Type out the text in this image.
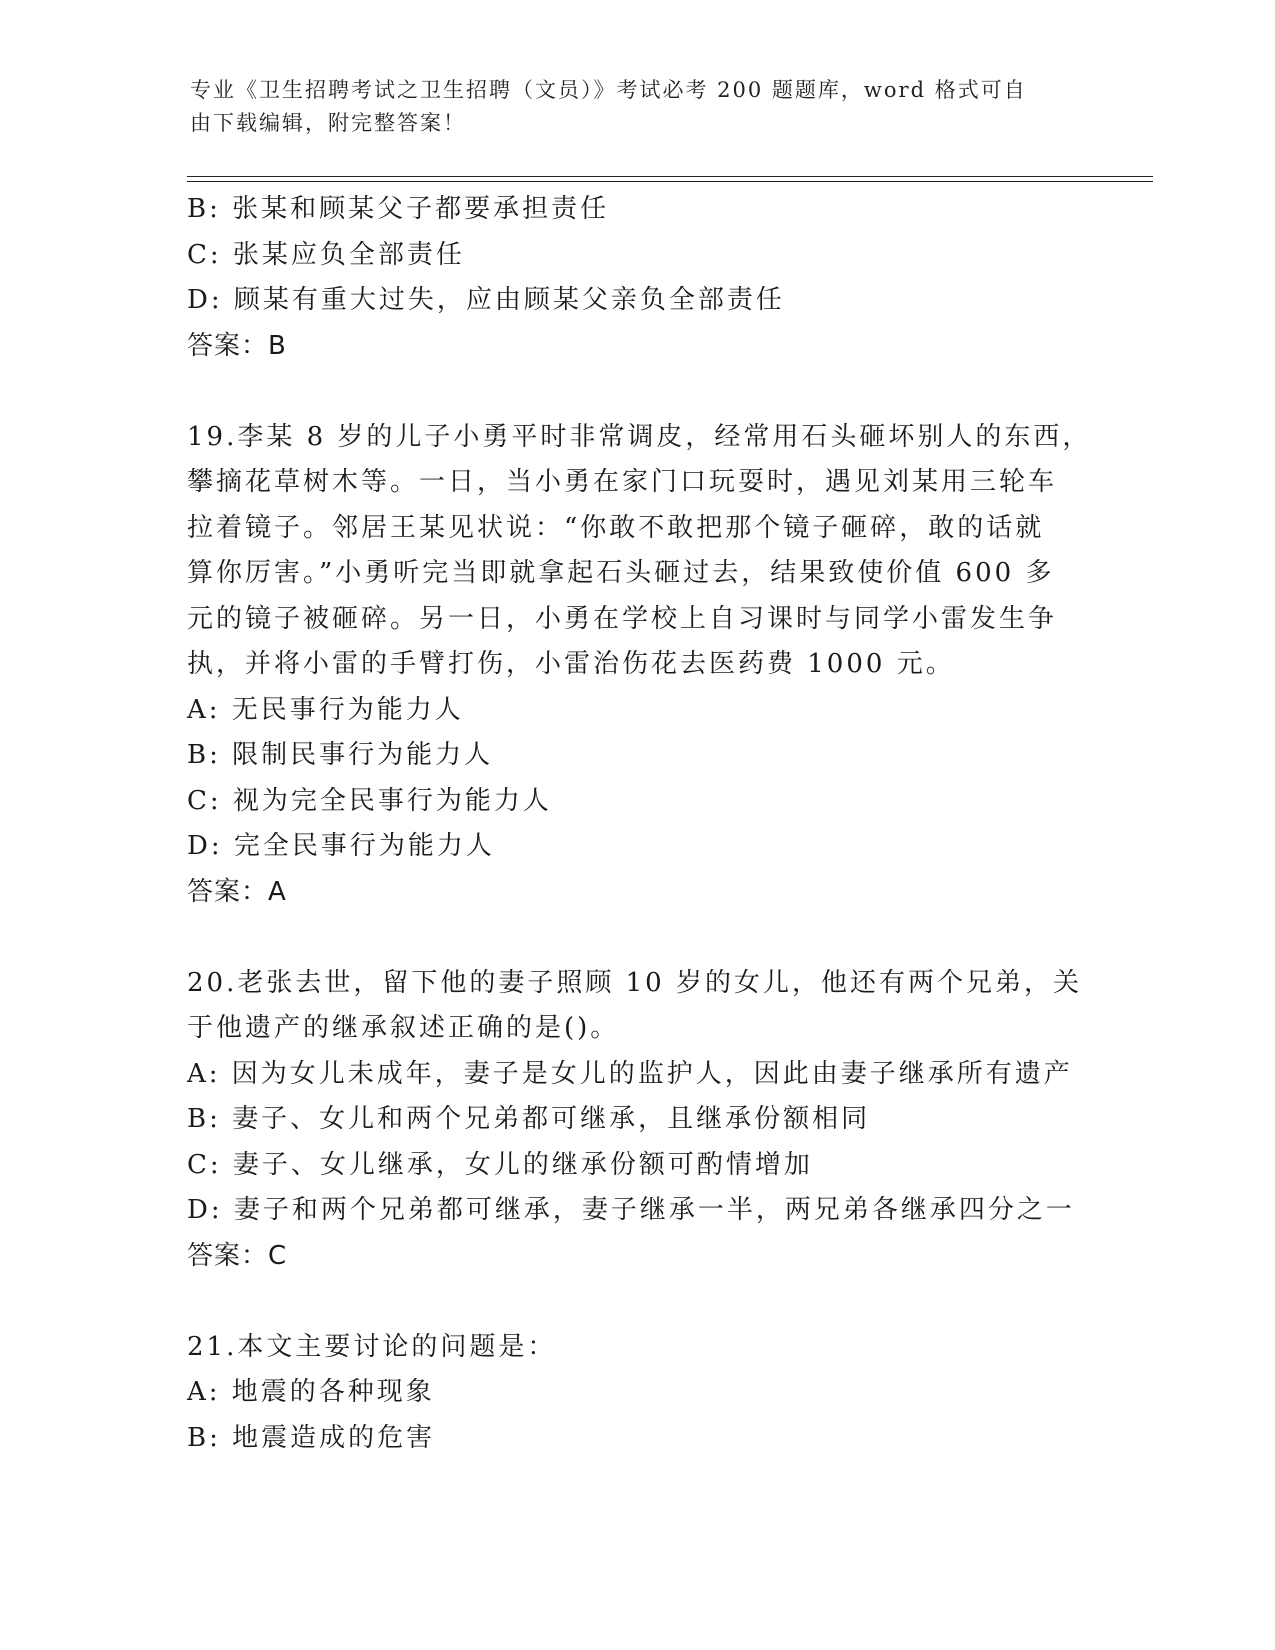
专业《卫生招聘考试之卫生招聘（文员）》考试必考 200 题题库，word 格式可自
由下载编辑，附完整答案！
B: 张某和顾某父子都要承担责任
C: 张某应负全部责任
D: 顾某有重大过失，应由顾某父亲负全部责任
答案：B
19.李某 8 岁的儿子小勇平时非常调皮，经常用石头砸坏别人的东西，
攀摘花草树木等。一日，当小勇在家门口玩耍时，遇见刘某用三轮车
拉着镜子。邻居王某见状说：“你敢不敢把那个镜子砸碎，敢的话就
算你厉害。”小勇听完当即就拿起石头砸过去，结果致使价值 600 多
元的镜子被砸碎。另一日，小勇在学校上自习课时与同学小雷发生争
执，并将小雷的手臂打伤，小雷治伤花去医药费 1000 元。
A: 无民事行为能力人
B: 限制民事行为能力人
C: 视为完全民事行为能力人
D: 完全民事行为能力人
答案：A
20.老张去世，留下他的妻子照顾 10 岁的女儿，他还有两个兄弟，关
于他遗产的继承叙述正确的是()。
A: 因为女儿未成年，妻子是女儿的监护人，因此由妻子继承所有遗产
B: 妻子、女儿和两个兄弟都可继承，且继承份额相同
C: 妻子、女儿继承，女儿的继承份额可酌情增加
D: 妻子和两个兄弟都可继承，妻子继承一半，两兄弟各继承四分之一
答案：C
21.本文主要讨论的问题是：
A: 地震的各种现象
B: 地震造成的危害
